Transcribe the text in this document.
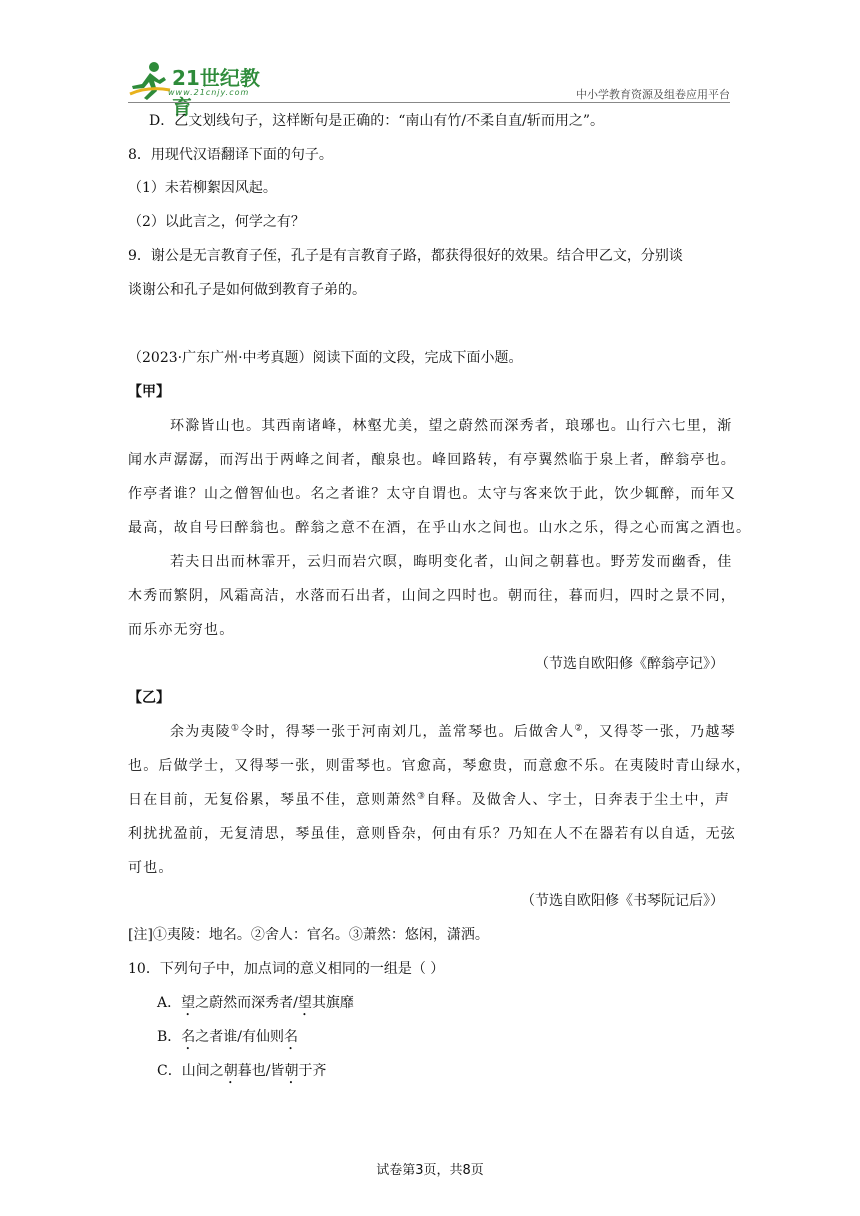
21世纪教育
www.21cnjy.com	中小学教育资源及组卷应用平台
D．乙文划线句子，这样断句是正确的：“南山有竹/不柔自直/斩而用之”。
8．用现代汉语翻译下面的句子。
（1）未若柳絮因风起。
（2）以此言之，何学之有？
9．谢公是无言教育子侄，孔子是有言教育子路，都获得很好的效果。结合甲乙文，分别谈
谈谢公和孔子是如何做到教育子弟的。
（2023·广东广州·中考真题）阅读下面的文段，完成下面小题。
【甲】
环滁皆山也。其西南诸峰，林壑尤美，望之蔚然而深秀者，琅琊也。山行六七里，渐
闻水声潺潺，而泻出于两峰之间者，酿泉也。峰回路转，有亭翼然临于泉上者，醉翁亭也。
作亭者谁？山之僧智仙也。名之者谁？太守自谓也。太守与客来饮于此，饮少辄醉，而年又
最高，故自号曰醉翁也。醉翁之意不在酒，在乎山水之间也。山水之乐，得之心而寓之酒也。
若夫日出而林霏开，云归而岩穴暝，晦明变化者，山间之朝暮也。野芳发而幽香，佳
木秀而繁阴，风霜高洁，水落而石出者，山间之四时也。朝而往，暮而归，四时之景不同，
而乐亦无穷也。
（节选自欧阳修《醉翁亭记》）
【乙】
余为夷陵①令时，得琴一张于河南刘几，盖常琴也。后做舍人②，又得苓一张，乃越琴
也。后做学士，又得琴一张，则雷琴也。官愈高，琴愈贵，而意愈不乐。在夷陵时青山绿水，
日在目前，无复俗累，琴虽不佳，意则萧然③自释。及做舍人、字士，日奔表于尘土中，声
利扰扰盈前，无复清思，琴虽佳，意则昏杂，何由有乐？乃知在人不在器若有以自适，无弦
可也。
（节选自欧阳修《书琴阮记后》）
[注]①夷陵：地名。②舍人：官名。③萧然：悠闲，潇洒。
10．下列句子中，加点词的意义相同的一组是（ ）
A．望之蔚然而深秀者/望其旗靡
B．名之者谁/有仙则名
C．山间之朝暮也/皆朝于齐
试卷第3页，共8页
